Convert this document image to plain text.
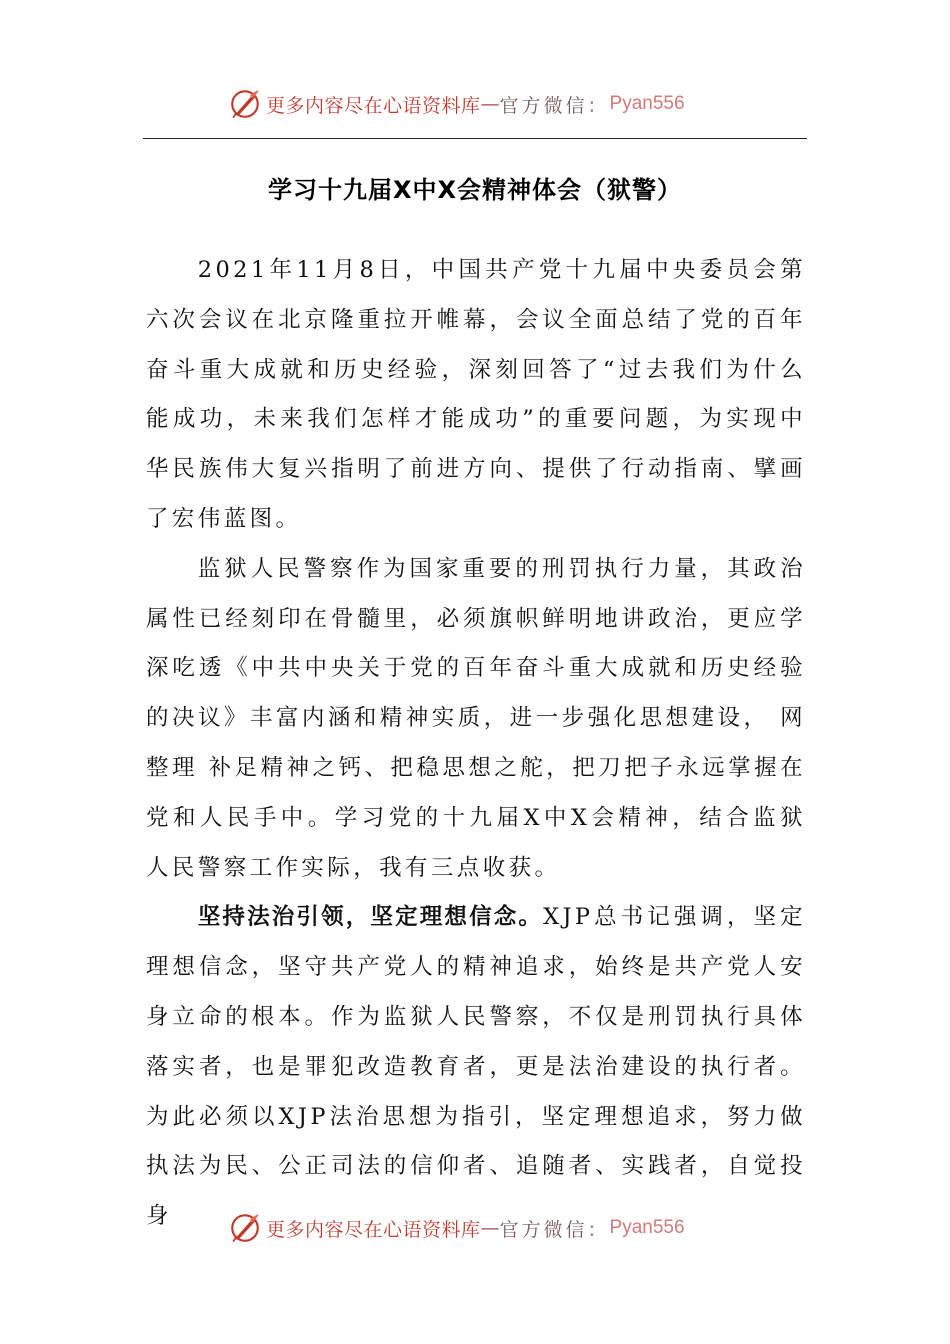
更多内容尽在心语资料库 — 官方微信： Pyan556
学习十九届X中X会精神体会（狱警）

2021年11月8日，中国共产党十九届中央委员会第六次会议在北京隆重拉开帷幕，会议全面总结了党的百年奋斗重大成就和历史经验，深刻回答了“过去我们为什么能成功，未来我们怎样才能成功”的重要问题，为实现中华民族伟大复兴指明了前进方向、提供了行动指南、擘画了宏伟蓝图。

监狱人民警察作为国家重要的刑罚执行力量，其政治属性已经刻印在骨髓里，必须旗帜鲜明地讲政治，更应学深吃透《中共中央关于党的百年奋斗重大成就和历史经验的决议》丰富内涵和精神实质，进一步强化思想建设， 网整理 补足精神之钙、把稳思想之舵，把刀把子永远掌握在党和人民手中。学习党的十九届X中X会精神，结合监狱人民警察工作实际，我有三点收获。

坚持法治引领，坚定理想信念。XJP总书记强调，坚定理想信念，坚守共产党人的精神追求，始终是共产党人安身立命的根本。作为监狱人民警察，不仅是刑罚执行具体落实者，也是罪犯改造教育者，更是法治建设的执行者。为此必须以XJP法治思想为指引，坚定理想追求，努力做执法为民、公正司法的信仰者、追随者、实践者，自觉投身

更多内容尽在心语资料库 — 官方微信： Pyan556
